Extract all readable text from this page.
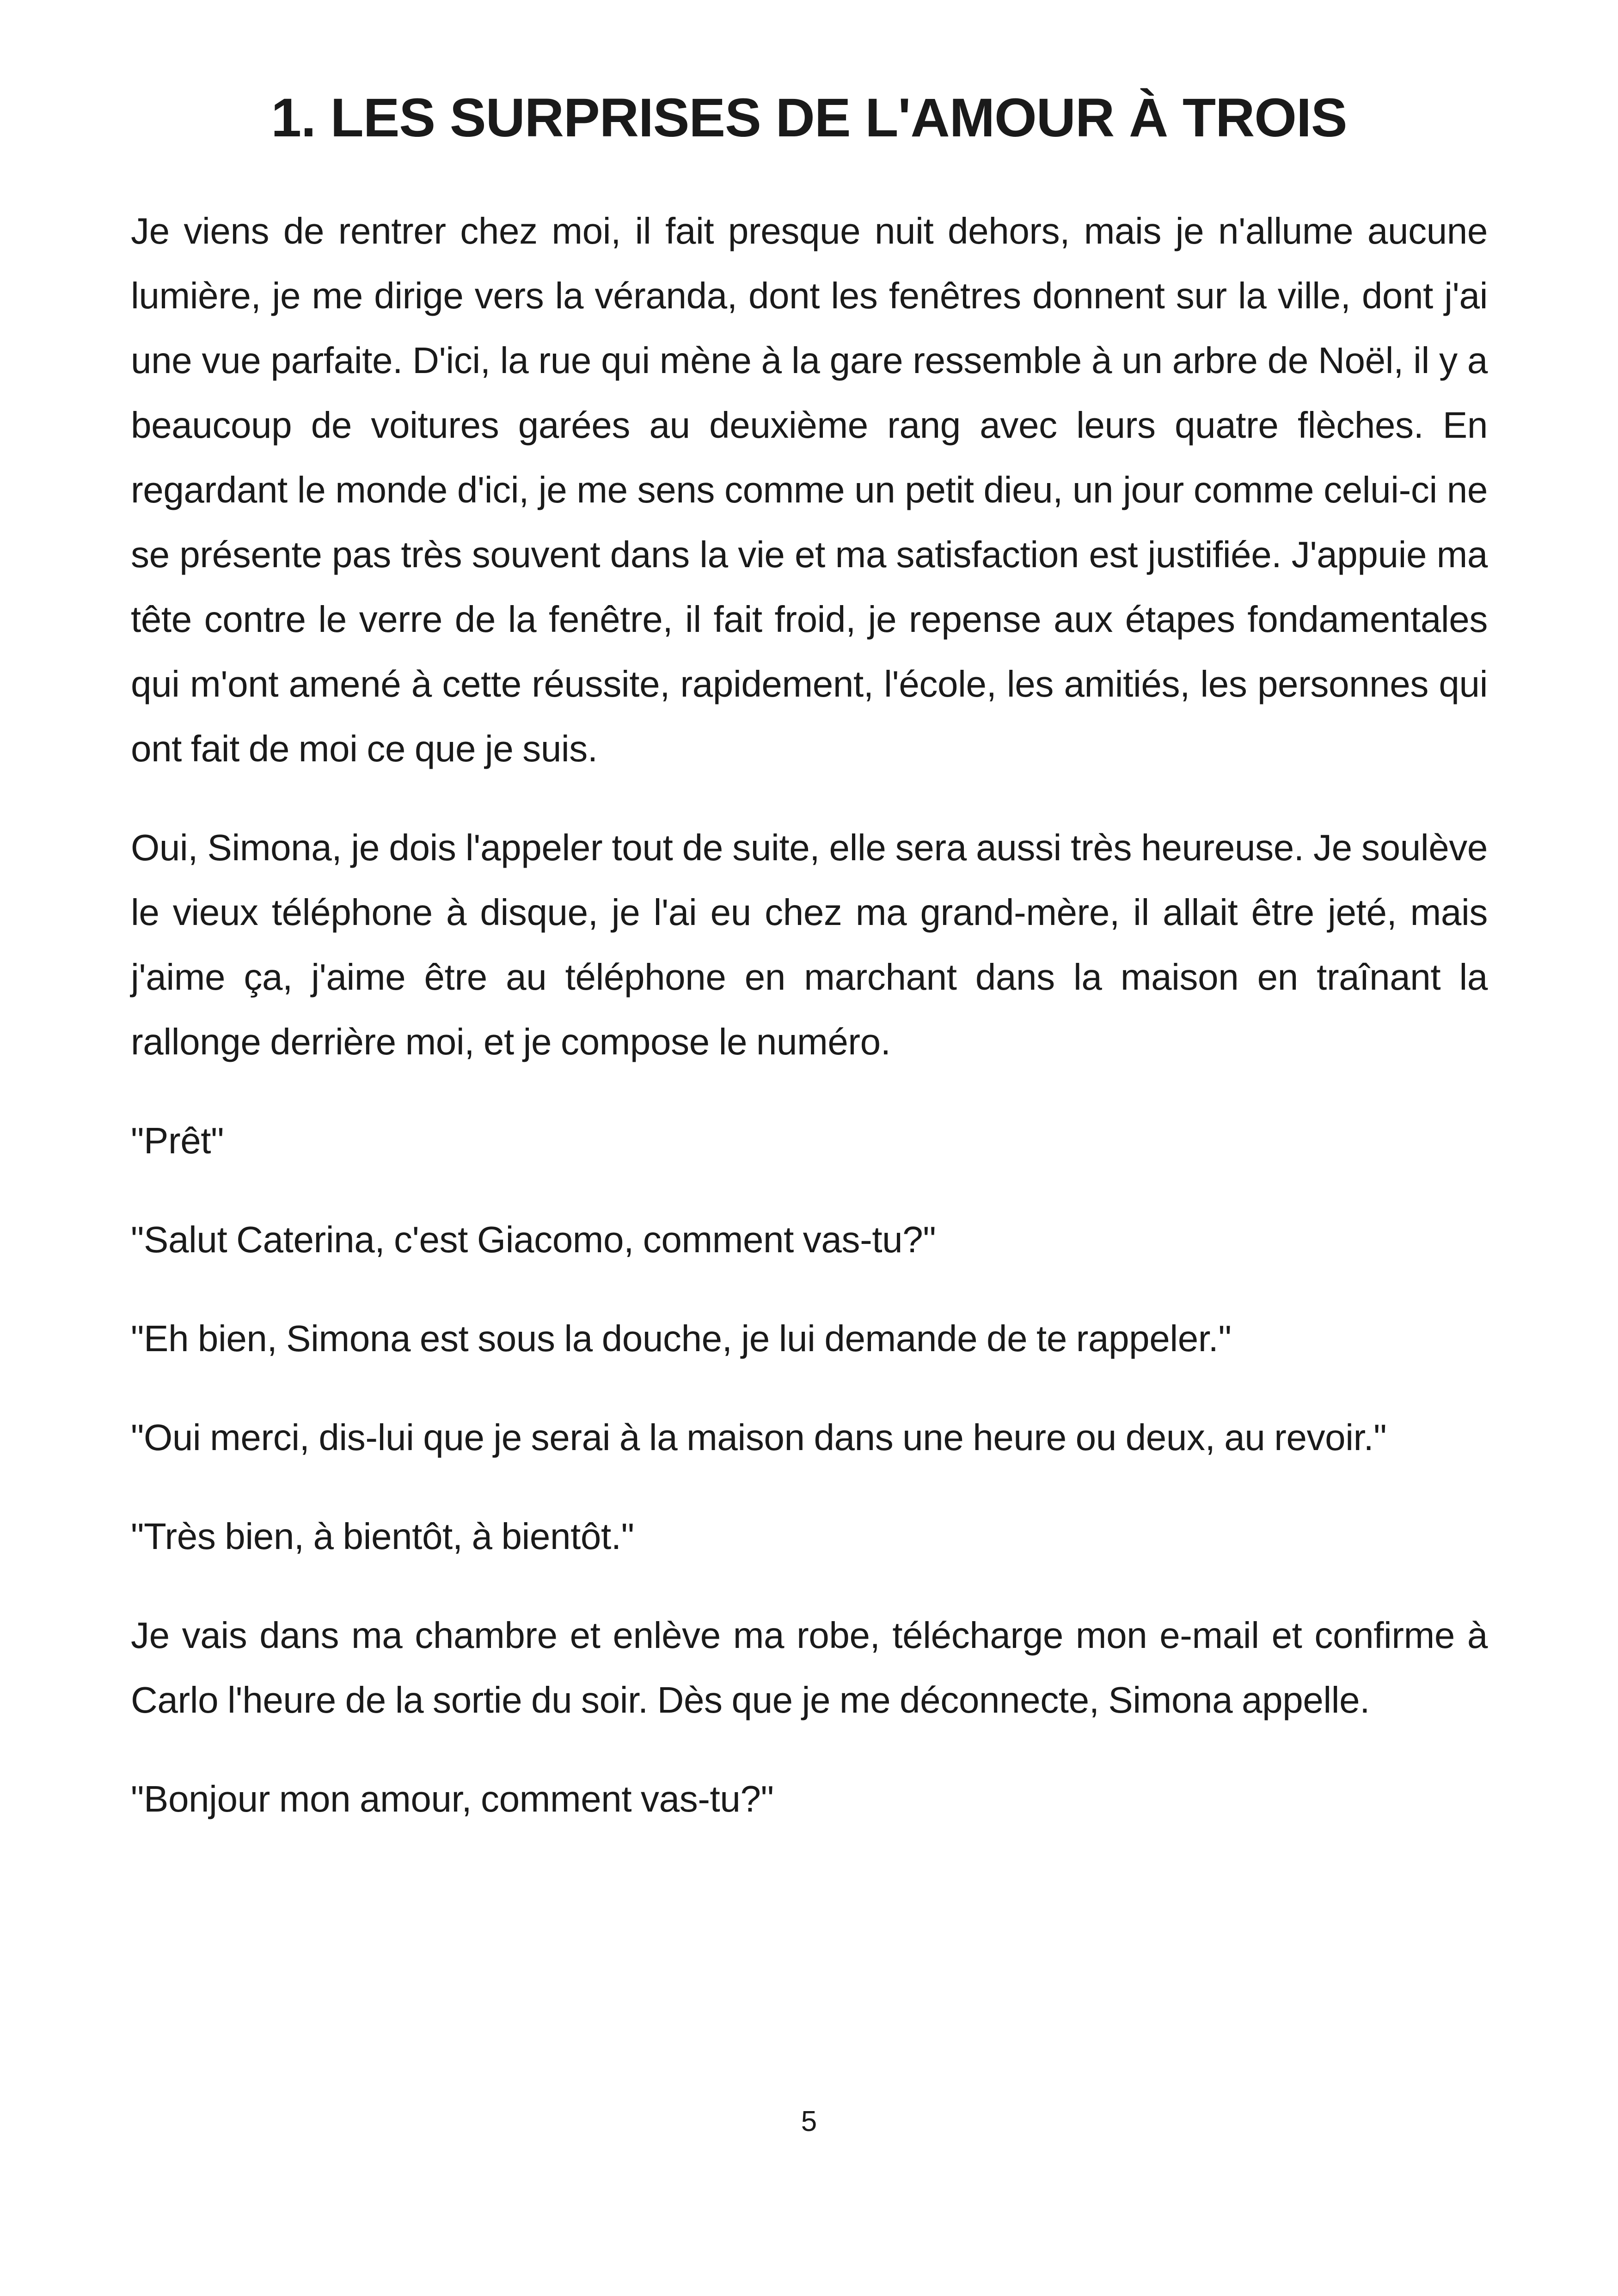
1. LES SURPRISES DE L'AMOUR À TROIS

Je viens de rentrer chez moi, il fait presque nuit dehors, mais je n'allume aucune lumière, je me dirige vers la véranda, dont les fenêtres donnent sur la ville, dont j'ai une vue parfaite. D'ici, la rue qui mène à la gare ressemble à un arbre de Noël, il y a beaucoup de voitures garées au deuxième rang avec leurs quatre flèches. En regardant le monde d'ici, je me sens comme un petit dieu, un jour comme celui-ci ne se présente pas très souvent dans la vie et ma satisfaction est justifiée. J'appuie ma tête contre le verre de la fenêtre, il fait froid, je repense aux étapes fondamentales qui m'ont amené à cette réussite, rapidement, l'école, les amitiés, les personnes qui ont fait de moi ce que je suis.

Oui, Simona, je dois l'appeler tout de suite, elle sera aussi très heureuse. Je soulève le vieux téléphone à disque, je l'ai eu chez ma grand-mère, il allait être jeté, mais j'aime ça, j'aime être au téléphone en marchant dans la maison en traînant la rallonge derrière moi, et je compose le numéro.

"Prêt"

"Salut Caterina, c'est Giacomo, comment vas-tu?"

"Eh bien, Simona est sous la douche, je lui demande de te rappeler."

"Oui merci, dis-lui que je serai à la maison dans une heure ou deux, au revoir."

"Très bien, à bientôt, à bientôt."

Je vais dans ma chambre et enlève ma robe, télécharge mon e-mail et confirme à Carlo l'heure de la sortie du soir. Dès que je me déconnecte, Simona appelle.

"Bonjour mon amour, comment vas-tu?"

5
